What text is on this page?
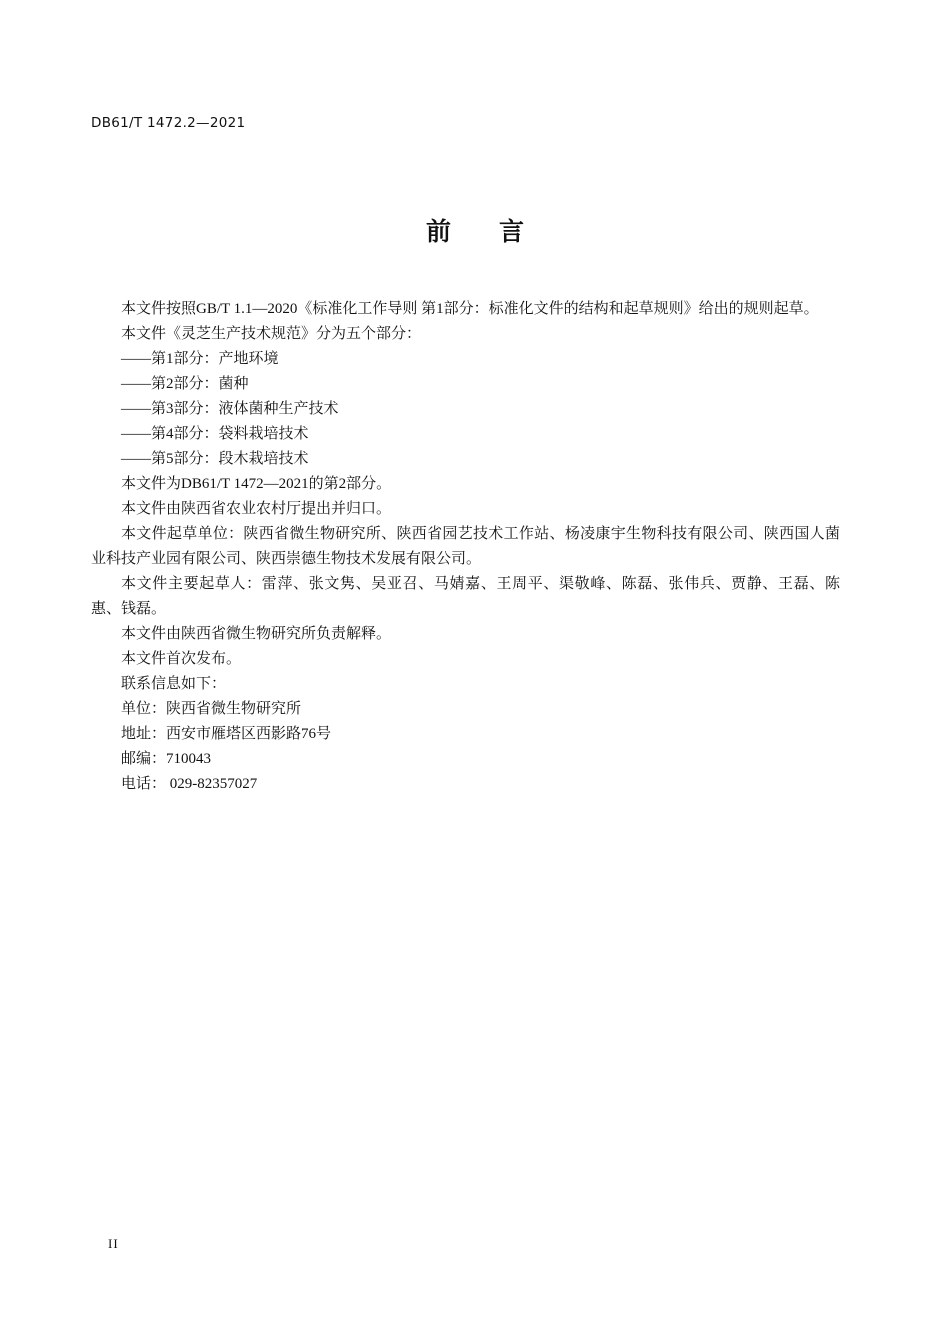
DB61/T 1472.2—2021
前言

本文件按照GB/T 1.1—2020《标准化工作导则 第1部分：标准化文件的结构和起草规则》给出的规则起草。

本文件《灵芝生产技术规范》分为五个部分：

——第1部分：产地环境

——第2部分：菌种

——第3部分：液体菌种生产技术

——第4部分：袋料栽培技术

——第5部分：段木栽培技术

本文件为DB61/T 1472—2021的第2部分。

本文件由陕西省农业农村厅提出并归口。

本文件起草单位：陕西省微生物研究所、陕西省园艺技术工作站、杨凌康宇生物科技有限公司、陕西国人菌业科技产业园有限公司、陕西崇德生物技术发展有限公司。

本文件主要起草人：雷萍、张文隽、吴亚召、马婧嘉、王周平、渠敬峰、陈磊、张伟兵、贾静、王磊、陈惠、钱磊。

本文件由陕西省微生物研究所负责解释。

本文件首次发布。

联系信息如下：

单位：陕西省微生物研究所

地址：西安市雁塔区西影路76号

邮编：710043

电话： 029-82357027

II
